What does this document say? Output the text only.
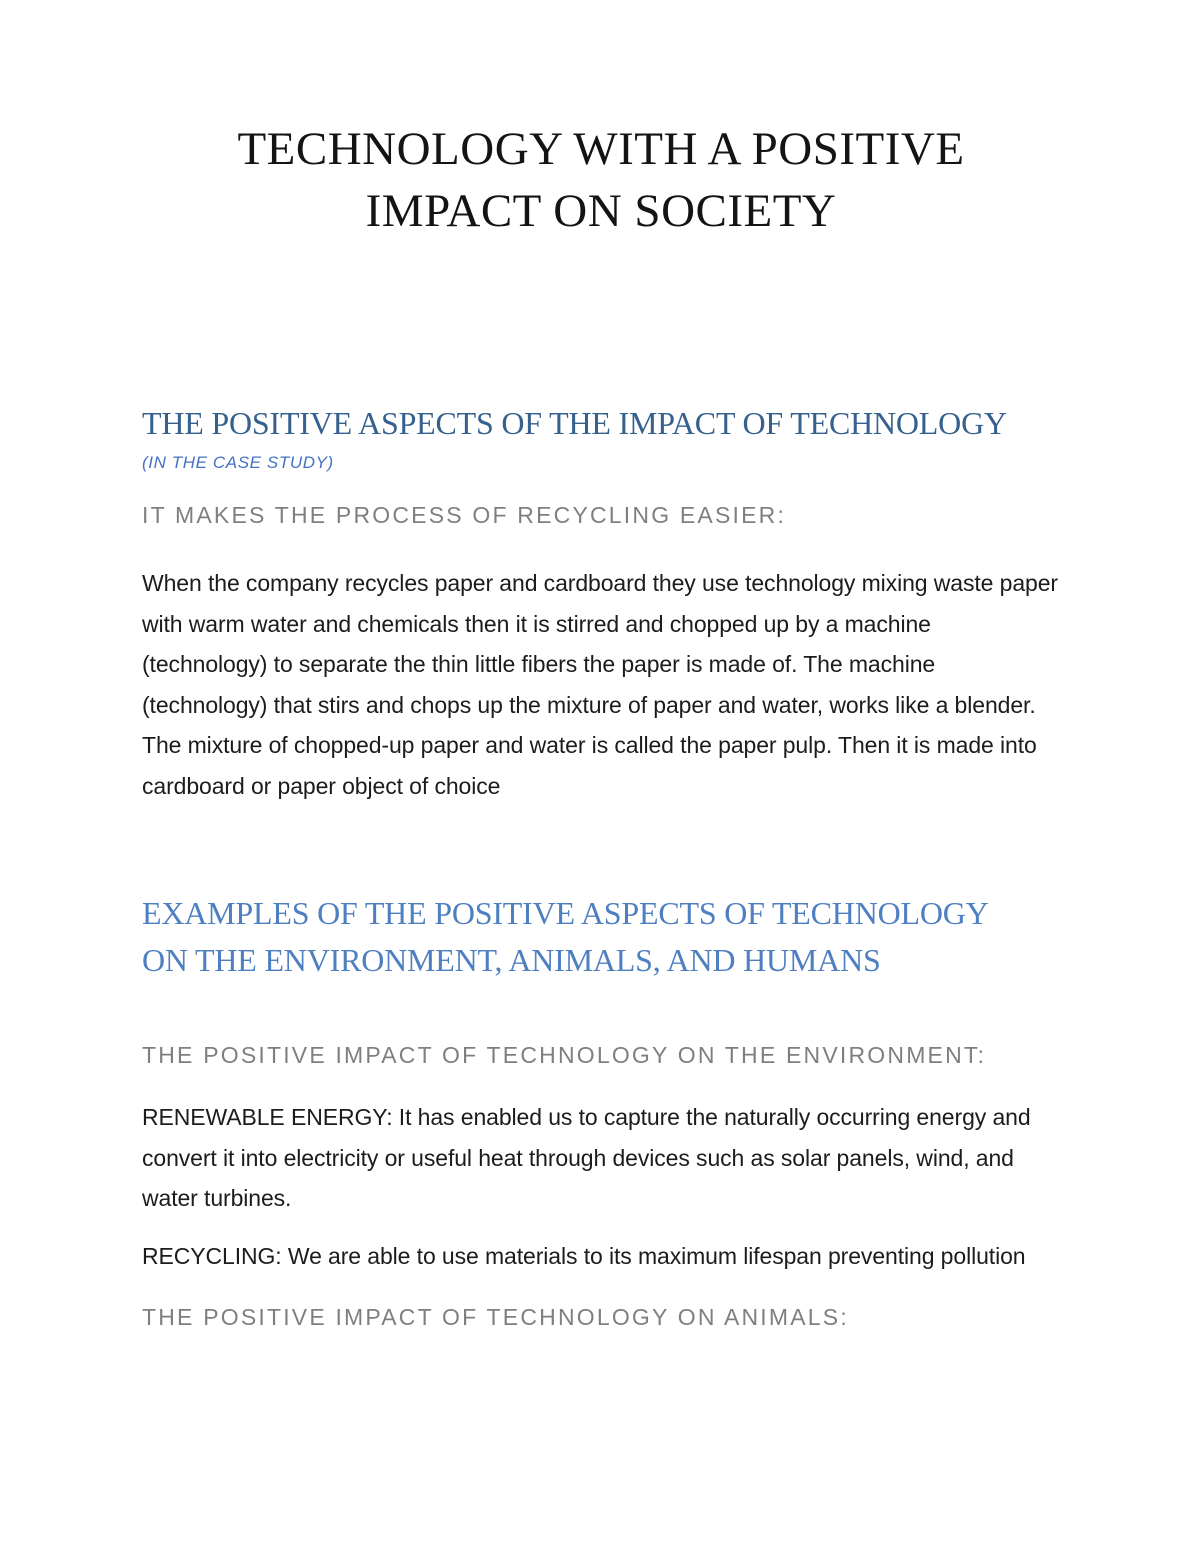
TECHNOLOGY WITH A POSITIVE
IMPACT ON SOCIETY
THE POSITIVE ASPECTS OF THE IMPACT OF TECHNOLOGY

(IN THE CASE STUDY)

IT MAKES THE PROCESS OF RECYCLING EASIER:

When the company recycles paper and cardboard they use technology mixing waste paper with warm water and chemicals then it is stirred and chopped up by a machine (technology) to separate the thin little fibers the paper is made of. The machine (technology) that stirs and chops up the mixture of paper and water, works like a blender. The mixture of chopped-up paper and water is called the paper pulp. Then it is made into cardboard or paper object of choice

EXAMPLES OF THE POSITIVE ASPECTS OF TECHNOLOGY
ON THE ENVIRONMENT, ANIMALS, AND HUMANS
THE POSITIVE IMPACT OF TECHNOLOGY ON THE ENVIRONMENT:

RENEWABLE ENERGY: It has enabled us to capture the naturally occurring energy and convert it into electricity or useful heat through devices such as solar panels, wind, and water turbines.

RECYCLING: We are able to use materials to its maximum lifespan preventing pollution

THE POSITIVE IMPACT OF TECHNOLOGY ON ANIMALS:
